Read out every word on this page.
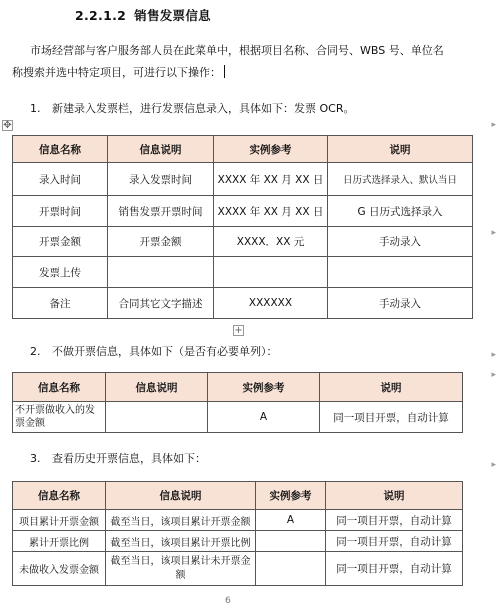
2.2.1.2 销售发票信息
市场经营部与客户服务部人员在此菜单中，根据项目名称、合同号、WBS 号、单位名
称搜索并选中特定项目，可进行以下操作：
1. 新建录入发票栏，进行发票信息录入，具体如下：发票 OCR。
✥
信息名称	信息说明	实例参考	说明
录入时间	录入发票时间	XXXX 年 XX 月 XX 日	日历式选择录入、默认当日
开票时间	销售发票开票时间	XXXX 年 XX 月 XX 日	G 日历式选择录入
开票金额	开票金额	XXXX．XX 元	手动录入
发票上传			
备注	合同其它文字描述	XXXXXX	手动录入
+
2. 不做开票信息，具体如下（是否有必要单列）：
信息名称	信息说明	实例参考	说明
不开票做收入的发票金额		A	同一项目开票，自动计算
3. 查看历史开票信息，具体如下：
信息名称	信息说明	实例参考	说明
项目累计开票金额	截至当日，该项目累计开票金额	A	同一项目开票，自动计算
累计开票比例	截至当日，该项目累计开票比例		同一项目开票，自动计算
未做收入发票金额	截至当日，该项目累计未开票金额		同一项目开票，自动计算
▸
▸
▸
▸
▸
6
